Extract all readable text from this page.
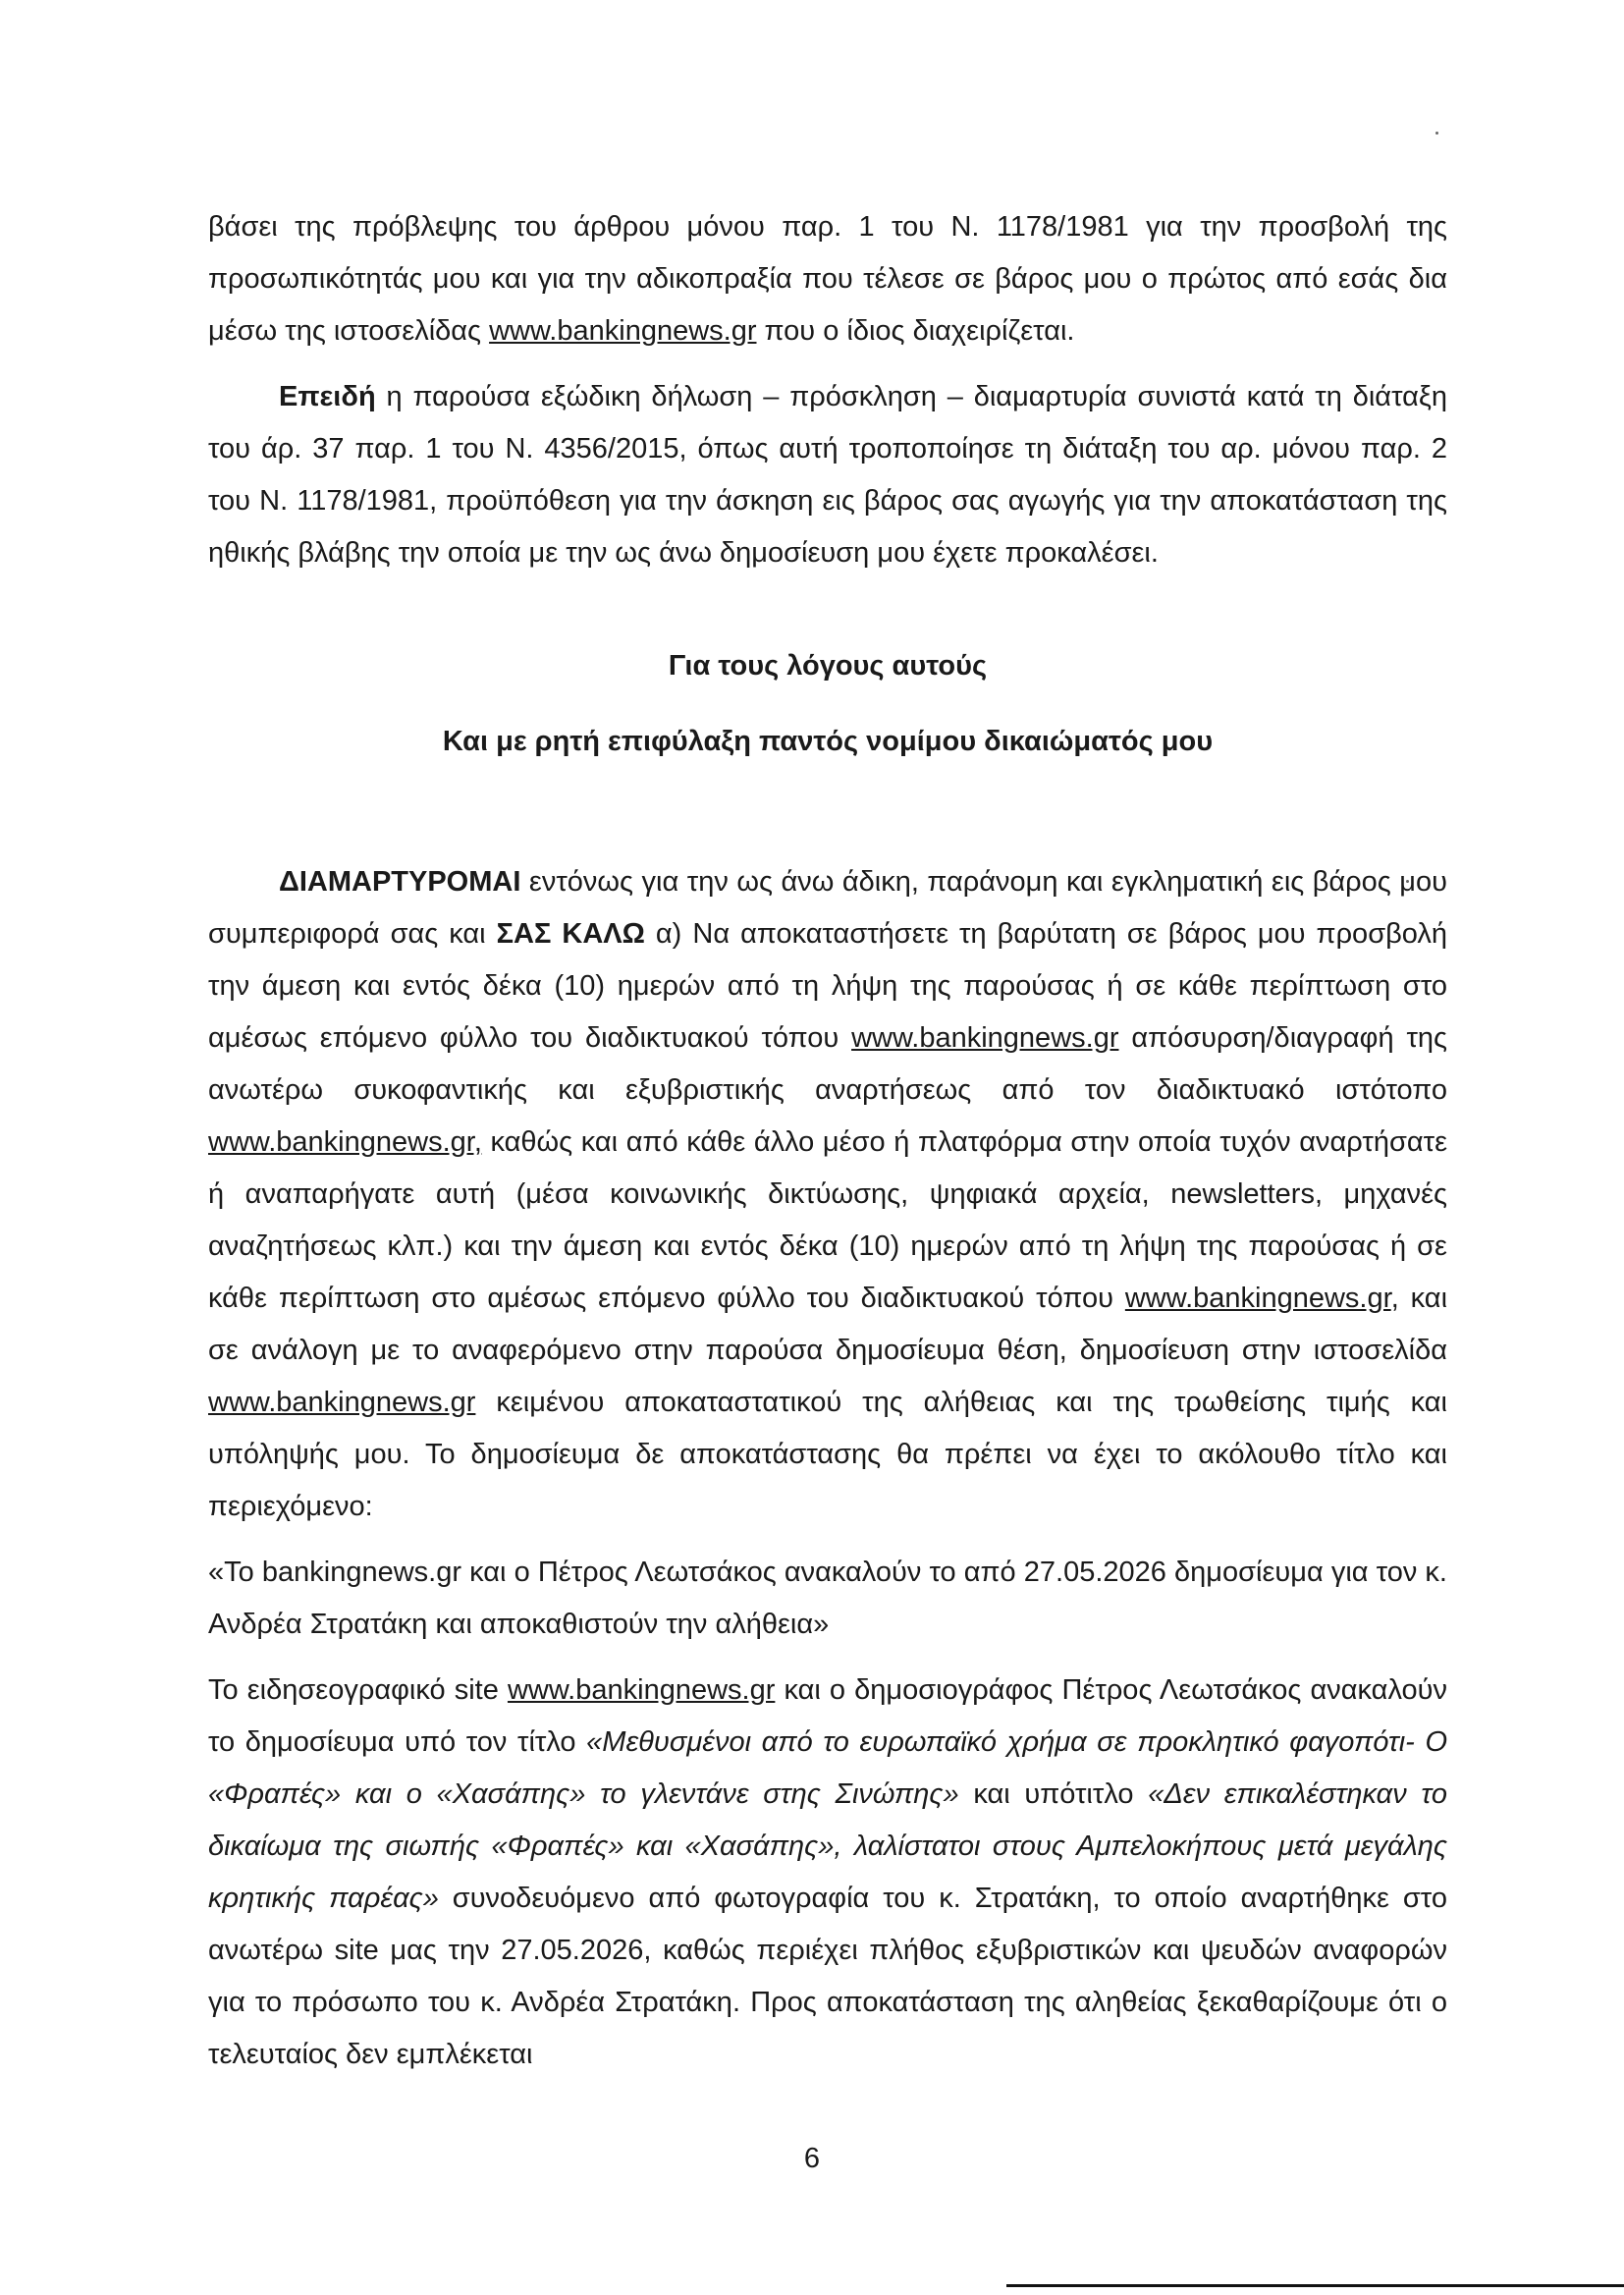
βάσει της πρόβλεψης του άρθρου μόνου παρ. 1 του Ν. 1178/1981 για την προσβολή της προσωπικότητάς μου και για την αδικοπραξία που τέλεσε σε βάρος μου ο πρώτος από εσάς δια μέσω της ιστοσελίδας www.bankingnews.gr που ο ίδιος διαχειρίζεται.

Επειδή η παρούσα εξώδικη δήλωση – πρόσκληση – διαμαρτυρία συνιστά κατά τη διάταξη του άρ. 37 παρ. 1 του Ν. 4356/2015, όπως αυτή τροποποίησε τη διάταξη του αρ. μόνου παρ. 2 του Ν. 1178/1981, προϋπόθεση για την άσκηση εις βάρος σας αγωγής για την αποκατάσταση της ηθικής βλάβης την οποία με την ως άνω δημοσίευση μου έχετε προκαλέσει.

Για τους λόγους αυτούς

Και με ρητή επιφύλαξη παντός νομίμου δικαιώματός μου

ΔΙΑΜΑΡΤΥΡΟΜΑΙ εντόνως για την ως άνω άδικη, παράνομη και εγκληματική εις βάρος μου συμπεριφορά σας και ΣΑΣ ΚΑΛΩ α) Να αποκαταστήσετε τη βαρύτατη σε βάρος μου προσβολή την άμεση και εντός δέκα (10) ημερών από τη λήψη της παρούσας ή σε κάθε περίπτωση στο αμέσως επόμενο φύλλο του διαδικτυακού τόπου www.bankingnews.gr απόσυρση/διαγραφή της ανωτέρω συκοφαντικής και εξυβριστικής αναρτήσεως από τον διαδικτυακό ιστότοπο www.bankingnews.gr, καθώς και από κάθε άλλο μέσο ή πλατφόρμα στην οποία τυχόν αναρτήσατε ή αναπαρήγατε αυτή (μέσα κοινωνικής δικτύωσης, ψηφιακά αρχεία, newsletters, μηχανές αναζητήσεως κλπ.) και την άμεση και εντός δέκα (10) ημερών από τη λήψη της παρούσας ή σε κάθε περίπτωση στο αμέσως επόμενο φύλλο του διαδικτυακού τόπου www.bankingnews.gr, και σε ανάλογη με το αναφερόμενο στην παρούσα δημοσίευμα θέση, δημοσίευση στην ιστοσελίδα www.bankingnews.gr κειμένου αποκαταστατικού της αλήθειας και της τρωθείσης τιμής και υπόληψής μου. Το δημοσίευμα δε αποκατάστασης θα πρέπει να έχει το ακόλουθο τίτλο και περιεχόμενο:

«Το bankingnews.gr και ο Πέτρος Λεωτσάκος ανακαλούν το από 27.05.2026 δημοσίευμα για τον κ. Ανδρέα Στρατάκη και αποκαθιστούν την αλήθεια»

Το ειδησεογραφικό site www.bankingnews.gr και ο δημοσιογράφος Πέτρος Λεωτσάκος ανακαλούν το δημοσίευμα υπό τον τίτλο «Μεθυσμένοι από το ευρωπαϊκό χρήμα σε προκλητικό φαγοπότι- Ο «Φραπές» και ο «Χασάπης» το γλεντάνε στης Σινώπης» και υπότιτλο «Δεν επικαλέστηκαν το δικαίωμα της σιωπής «Φραπές» και «Χασάπης», λαλίστατοι στους Αμπελοκήπους μετά μεγάλης κρητικής παρέας» συνοδευόμενο από φωτογραφία του κ. Στρατάκη, το οποίο αναρτήθηκε στο ανωτέρω site μας την 27.05.2026, καθώς περιέχει πλήθος εξυβριστικών και ψευδών αναφορών για το πρόσωπο του κ. Ανδρέα Στρατάκη. Προς αποκατάσταση της αληθείας ξεκαθαρίζουμε ότι ο τελευταίος δεν εμπλέκεται

6
